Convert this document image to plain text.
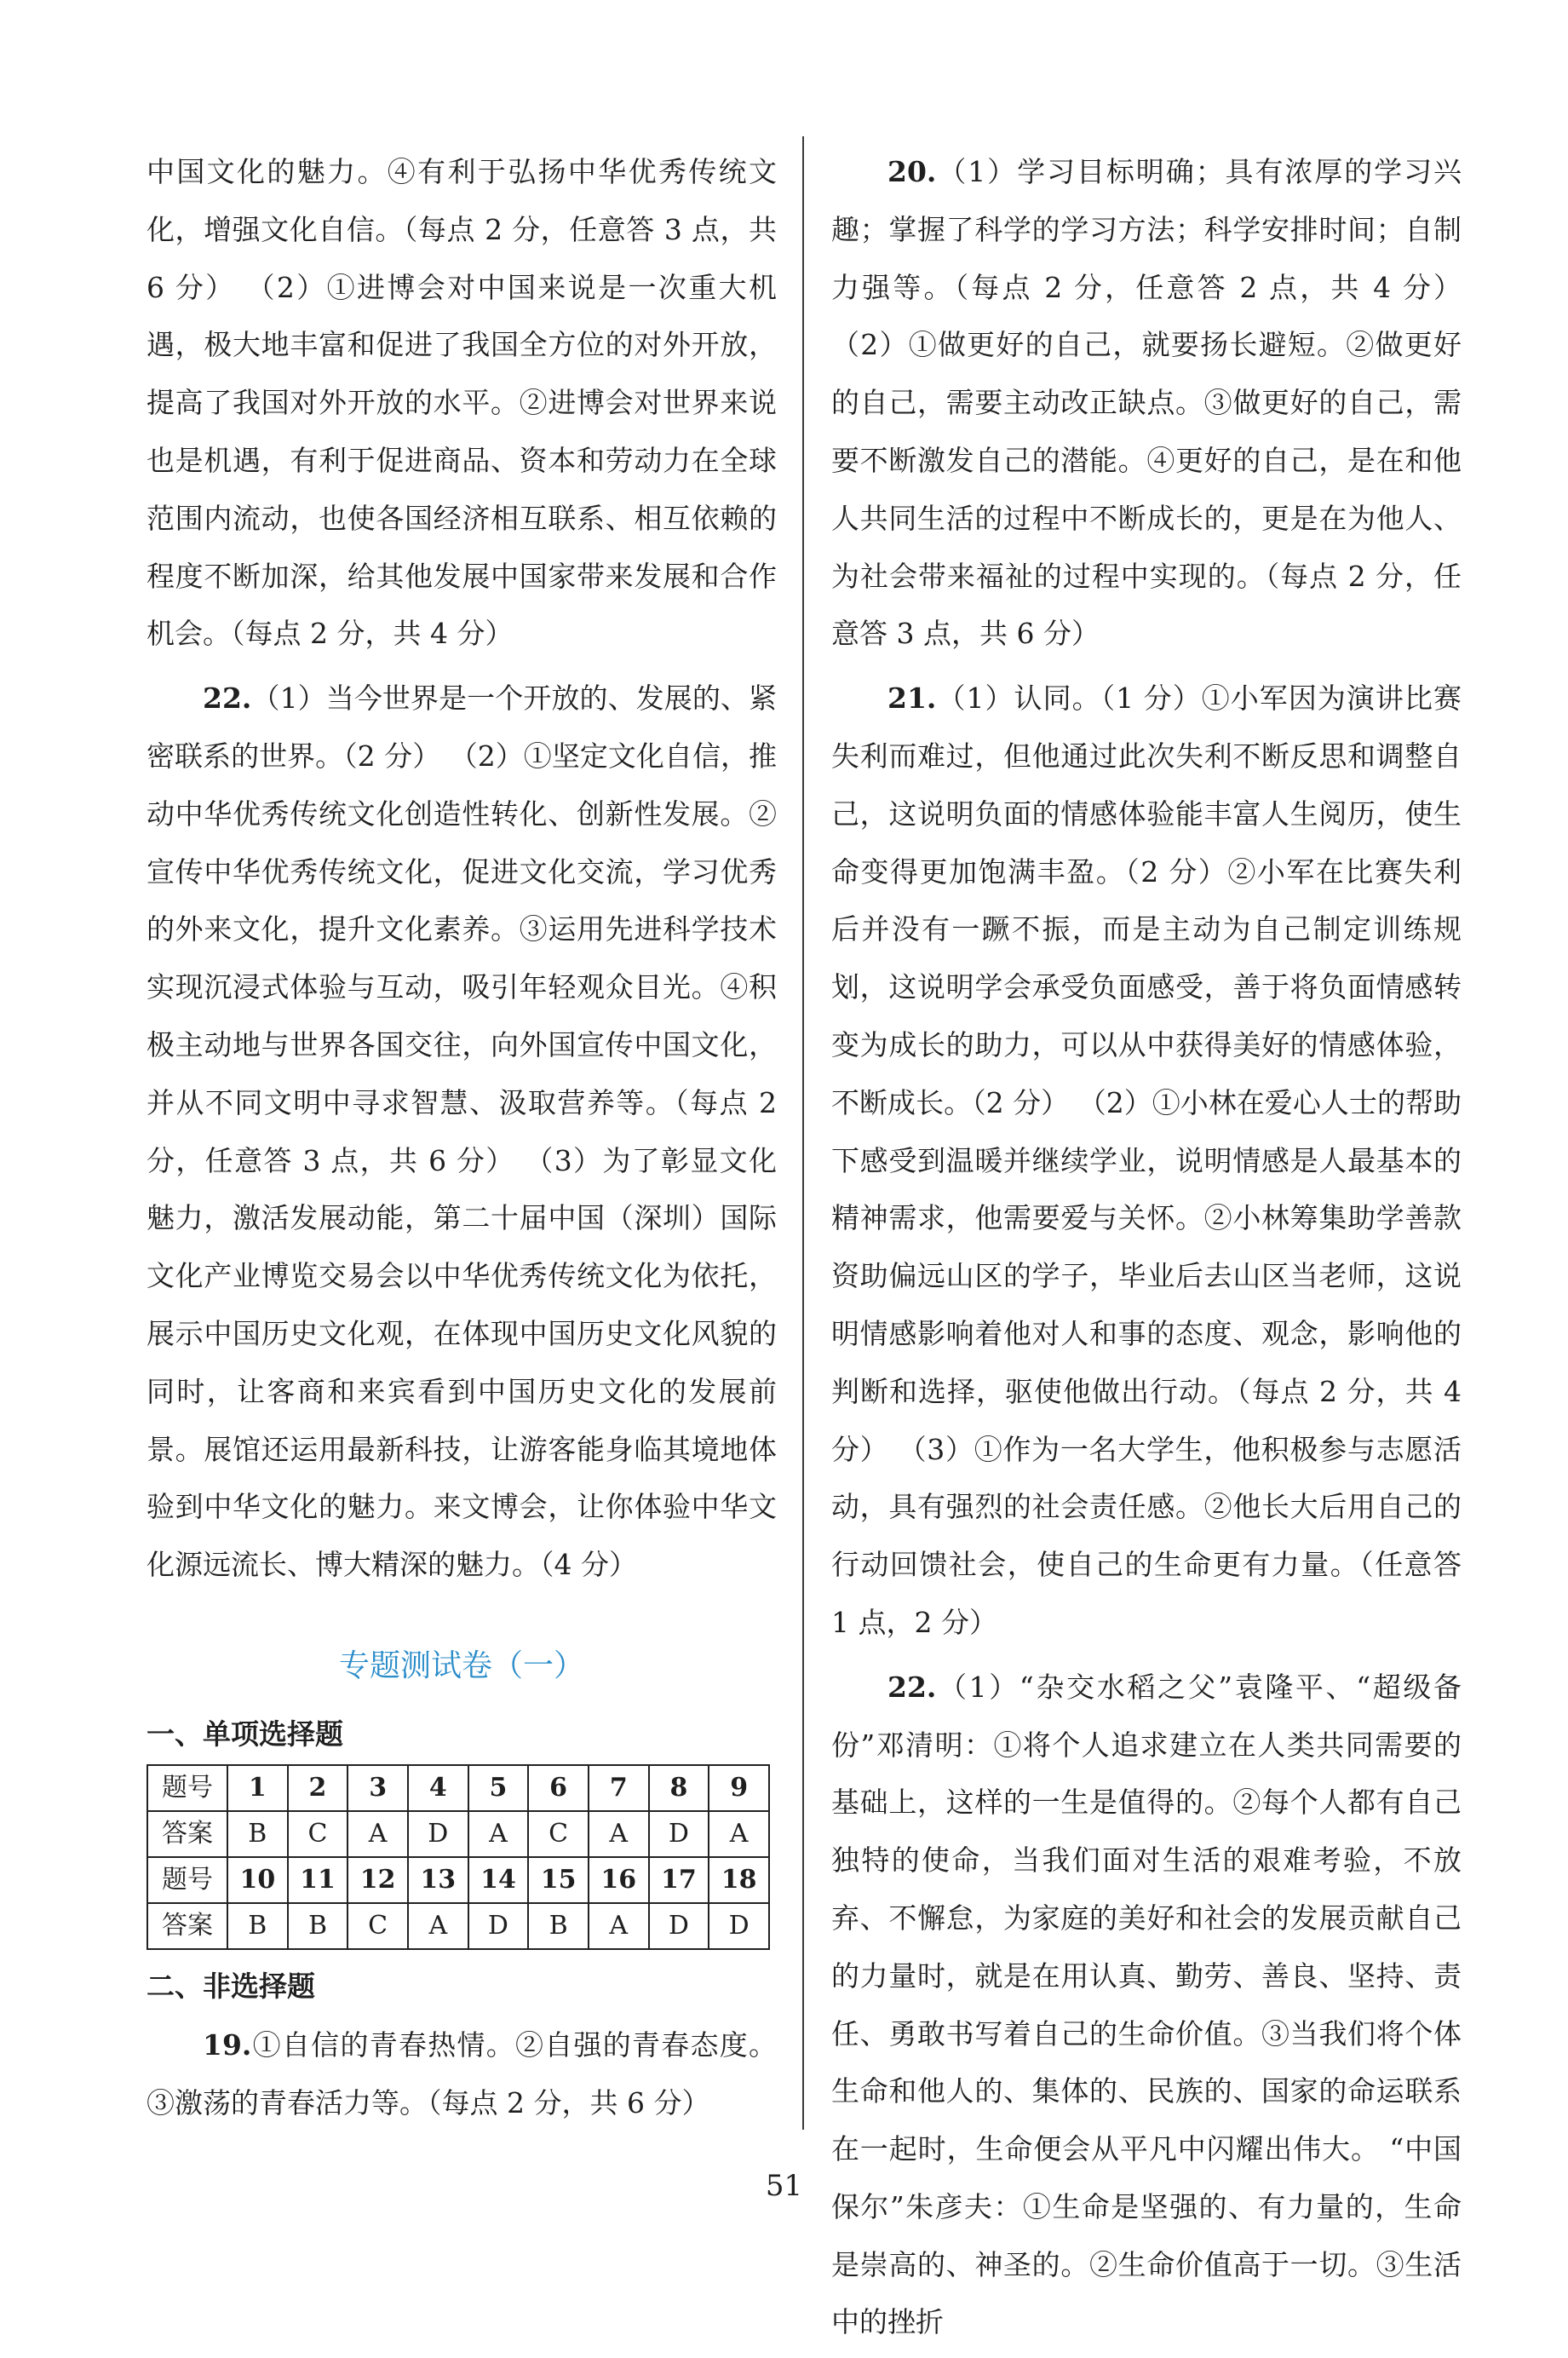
中国文化的魅力。④有利于弘扬中华优秀传统文化，增强文化自信。（每点 2 分，任意答 3 点，共 6 分） （2）①进博会对中国来说是一次重大机遇，极大地丰富和促进了我国全方位的对外开放，提高了我国对外开放的水平。②进博会对世界来说也是机遇，有利于促进商品、资本和劳动力在全球范围内流动，也使各国经济相互联系、相互依赖的程度不断加深，给其他发展中国家带来发展和合作机会。（每点 2 分，共 4 分）

22.（1）当今世界是一个开放的、发展的、紧密联系的世界。（2 分） （2）①坚定文化自信，推动中华优秀传统文化创造性转化、创新性发展。②宣传中华优秀传统文化，促进文化交流，学习优秀的外来文化，提升文化素养。③运用先进科学技术实现沉浸式体验与互动，吸引年轻观众目光。④积极主动地与世界各国交往，向外国宣传中国文化，并从不同文明中寻求智慧、汲取营养等。（每点 2 分，任意答 3 点，共 6 分） （3）为了彰显文化魅力，激活发展动能，第二十届中国（深圳）国际文化产业博览交易会以中华优秀传统文化为依托，展示中国历史文化观，在体现中国历史文化风貌的同时，让客商和来宾看到中国历史文化的发展前景。展馆还运用最新科技，让游客能身临其境地体验到中华文化的魅力。来文博会，让你体验中华文化源远流长、博大精深的魅力。（4 分）

专题测试卷（一）
一、单项选择题
题号	1	2	3	4	5	6	7	8	9
答案	B	C	A	D	A	C	A	D	A
题号	10	11	12	13	14	15	16	17	18
答案	B	B	C	A	D	B	A	D	D
二、非选择题

19.①自信的青春热情。②自强的青春态度。③激荡的青春活力等。（每点 2 分，共 6 分）

20.（1）学习目标明确；具有浓厚的学习兴趣；掌握了科学的学习方法；科学安排时间；自制力强等。（每点 2 分，任意答 2 点，共 4 分） （2）①做更好的自己，就要扬长避短。②做更好的自己，需要主动改正缺点。③做更好的自己，需要不断激发自己的潜能。④更好的自己，是在和他人共同生活的过程中不断成长的，更是在为他人、为社会带来福祉的过程中实现的。（每点 2 分，任意答 3 点，共 6 分）

21.（1）认同。（1 分）①小军因为演讲比赛失利而难过，但他通过此次失利不断反思和调整自己，这说明负面的情感体验能丰富人生阅历，使生命变得更加饱满丰盈。（2 分）②小军在比赛失利后并没有一蹶不振，而是主动为自己制定训练规划，这说明学会承受负面感受，善于将负面情感转变为成长的助力，可以从中获得美好的情感体验，不断成长。（2 分） （2）①小林在爱心人士的帮助下感受到温暖并继续学业，说明情感是人最基本的精神需求，他需要爱与关怀。②小林筹集助学善款资助偏远山区的学子，毕业后去山区当老师，这说明情感影响着他对人和事的态度、观念，影响他的判断和选择，驱使他做出行动。（每点 2 分，共 4 分） （3）①作为一名大学生，他积极参与志愿活动，具有强烈的社会责任感。②他长大后用自己的行动回馈社会，使自己的生命更有力量。（任意答 1 点，2 分）

22.（1）“杂交水稻之父”袁隆平、“超级备份”邓清明：①将个人追求建立在人类共同需要的基础上，这样的一生是值得的。②每个人都有自己独特的使命，当我们面对生活的艰难考验，不放弃、不懈怠，为家庭的美好和社会的发展贡献自己的力量时，就是在用认真、勤劳、善良、坚持、责任、勇敢书写着自己的生命价值。③当我们将个体生命和他人的、集体的、民族的、国家的命运联系在一起时，生命便会从平凡中闪耀出伟大。 “中国保尔”朱彦夫：①生命是坚强的、有力量的，生命是崇高的、神圣的。②生命价值高于一切。③生活中的挫折

51
